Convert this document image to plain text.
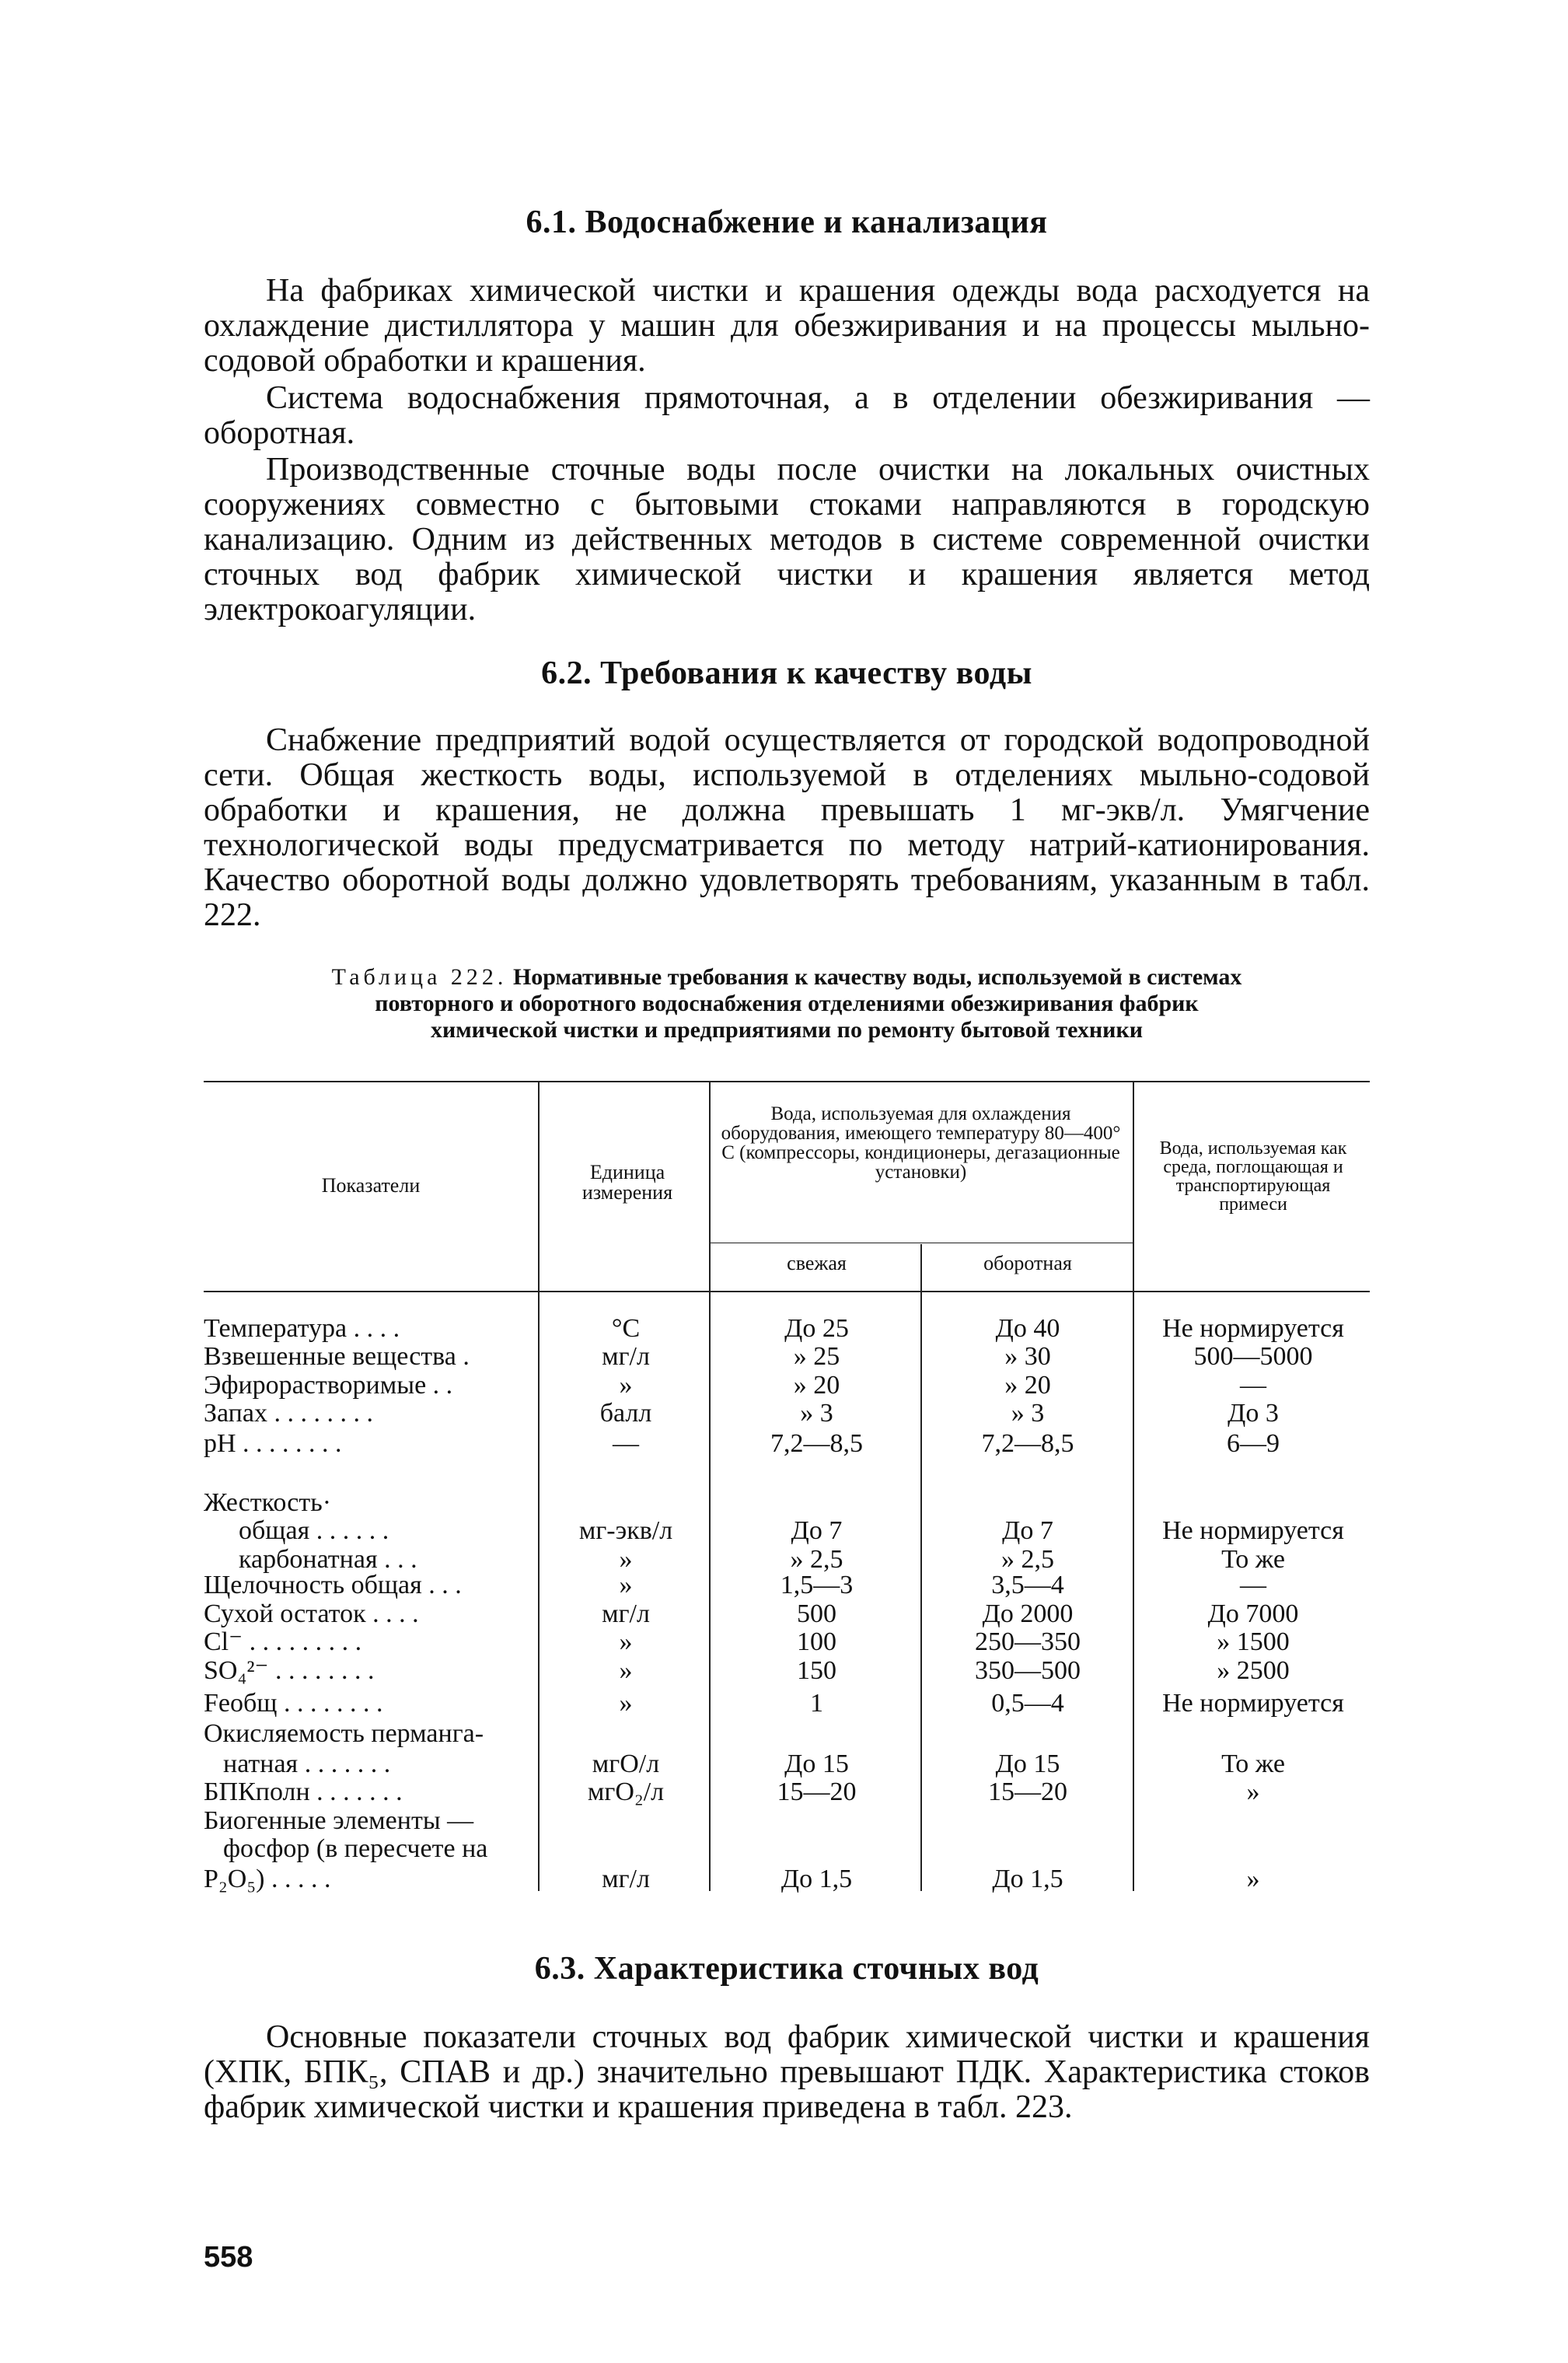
6.1. Водоснабжение и канализация

На фабриках химической чистки и крашения одежды вода расходуется на охлаждение дистиллятора у машин для обезжиривания и на процессы мыльно-содовой обработки и крашения.

Система водоснабжения прямоточная, а в отделении обезжиривания — оборотная.

Производственные сточные воды после очистки на локальных очистных сооружениях совместно с бытовыми стоками направляются в городскую канализацию. Одним из действенных методов в системе современной очистки сточных вод фабрик химической чистки и крашения является метод электрокоагуляции.

6.2. Требования к качеству воды

Снабжение предприятий водой осуществляется от городской водопроводной сети. Общая жесткость воды, используемой в отделениях мыльно-содовой обработки и крашения, не должна превышать 1 мг-экв/л. Умягчение технологической воды предусматривается по методу натрий-катионирования. Качество оборотной воды должно удовлетворять требованиям, указанным в табл. 222.

Таблица 222. Нормативные требования к качеству воды, используемой в системах
повторного и оборотного водоснабжения отделениями обезжиривания фабрик
химической чистки и предприятиями по ремонту бытовой техники
Показатели
Единица измерения
Вода, используемая для охлаждения оборудования, имеющего температуру 80—400° С (компрессоры, кондиционеры, дегазационные установки)
свежая	оборотная
Вода, используемая как среда, поглощающая и транспортирующая примеси
Температура . . . .	°С	До 25	До 40	Не нормируется
Взвешенные вещества .	мг/л	» 25	» 30	500—5000
Эфирорастворимые . .	»	» 20	» 20	—
Запах . . . . . . . .	балл	» 3	» 3	До 3
pH . . . . . . . .	—	7,2—8,5	7,2—8,5	6—9
Жесткость·
общая . . . . . .	мг-экв/л	До 7	До 7	Не нормируется
карбонатная . . .	»	» 2,5	» 2,5	То же
Щелочность общая . . .	»	1,5—3	3,5—4	—
Сухой остаток . . . .	мг/л	500	До 2000	До 7000
Cl⁻ . . . . . . . . .	»	100	250—350	» 1500
SO₄²⁻ . . . . . . . .	»	150	350—500	» 2500
Feобщ . . . . . . . .	»	1	0,5—4	Не нормируется
Окисляемость перманга-
натная . . . . . . .	мгО/л	До 15	До 15	То же
БПКполн . . . . . . .	мгО₂/л	15—20	15—20	»
Биогенные элементы —
фосфор (в пересчете на
P₂O₅) . . . . .	мг/л	До 1,5	До 1,5	»
6.3. Характеристика сточных вод

Основные показатели сточных вод фабрик химической чистки и крашения (ХПК, БПК₅, СПАВ и др.) значительно превышают ПДК. Характеристика стоков фабрик химической чистки и крашения приведена в табл. 223.

558
